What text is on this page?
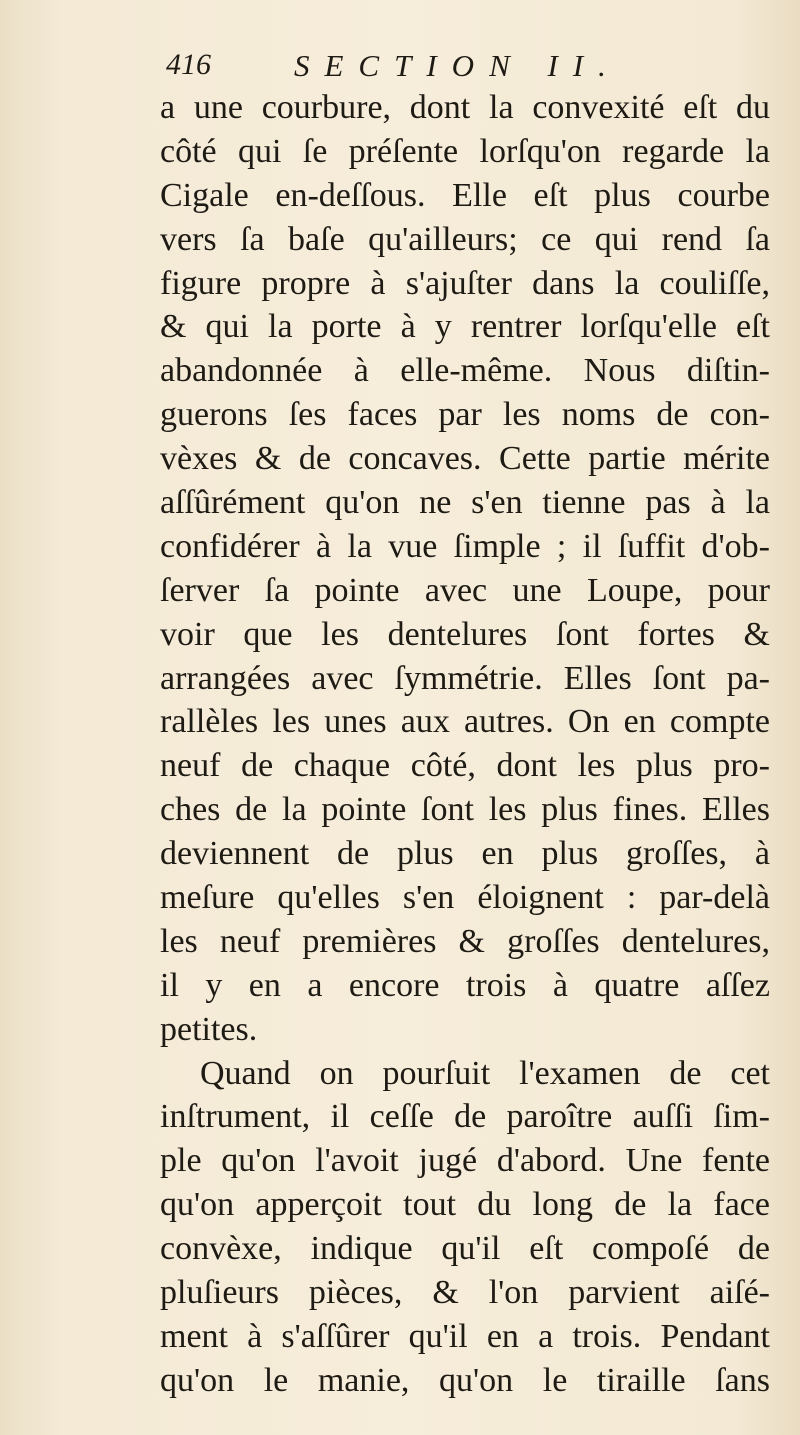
416	SECTION II.
a une courbure, dont la convexité eſt du
côté qui ſe préſente lorſqu'on regarde la
Cigale en-deſſous. Elle eſt plus courbe
vers ſa baſe qu'ailleurs; ce qui rend ſa
figure propre à s'ajuſter dans la couliſſe,
& qui la porte à y rentrer lorſqu'elle eſt
abandonnée à elle-même. Nous diſtin-
guerons ſes faces par les noms de con-
vèxes & de concaves. Cette partie mérite
aſſûrément qu'on ne s'en tienne pas à la
confidérer à la vue ſimple ; il ſuffit d'ob-
ſerver ſa pointe avec une Loupe, pour
voir que les dentelures ſont fortes &
arrangées avec ſymmétrie. Elles ſont pa-
rallèles les unes aux autres. On en compte
neuf de chaque côté, dont les plus pro-
ches de la pointe ſont les plus fines. Elles
deviennent de plus en plus groſſes, à
meſure qu'elles s'en éloignent : par-delà
les neuf premières & groſſes dentelures,
il y en a encore trois à quatre aſſez
petites.
Quand on pourſuit l'examen de cet
inſtrument, il ceſſe de paroître auſſi ſim-
ple qu'on l'avoit jugé d'abord. Une fente
qu'on apperçoit tout du long de la face
convèxe, indique qu'il eſt compoſé de
pluſieurs pièces, & l'on parvient aiſé-
ment à s'aſſûrer qu'il en a trois. Pendant
qu'on le manie, qu'on le tiraille ſans
